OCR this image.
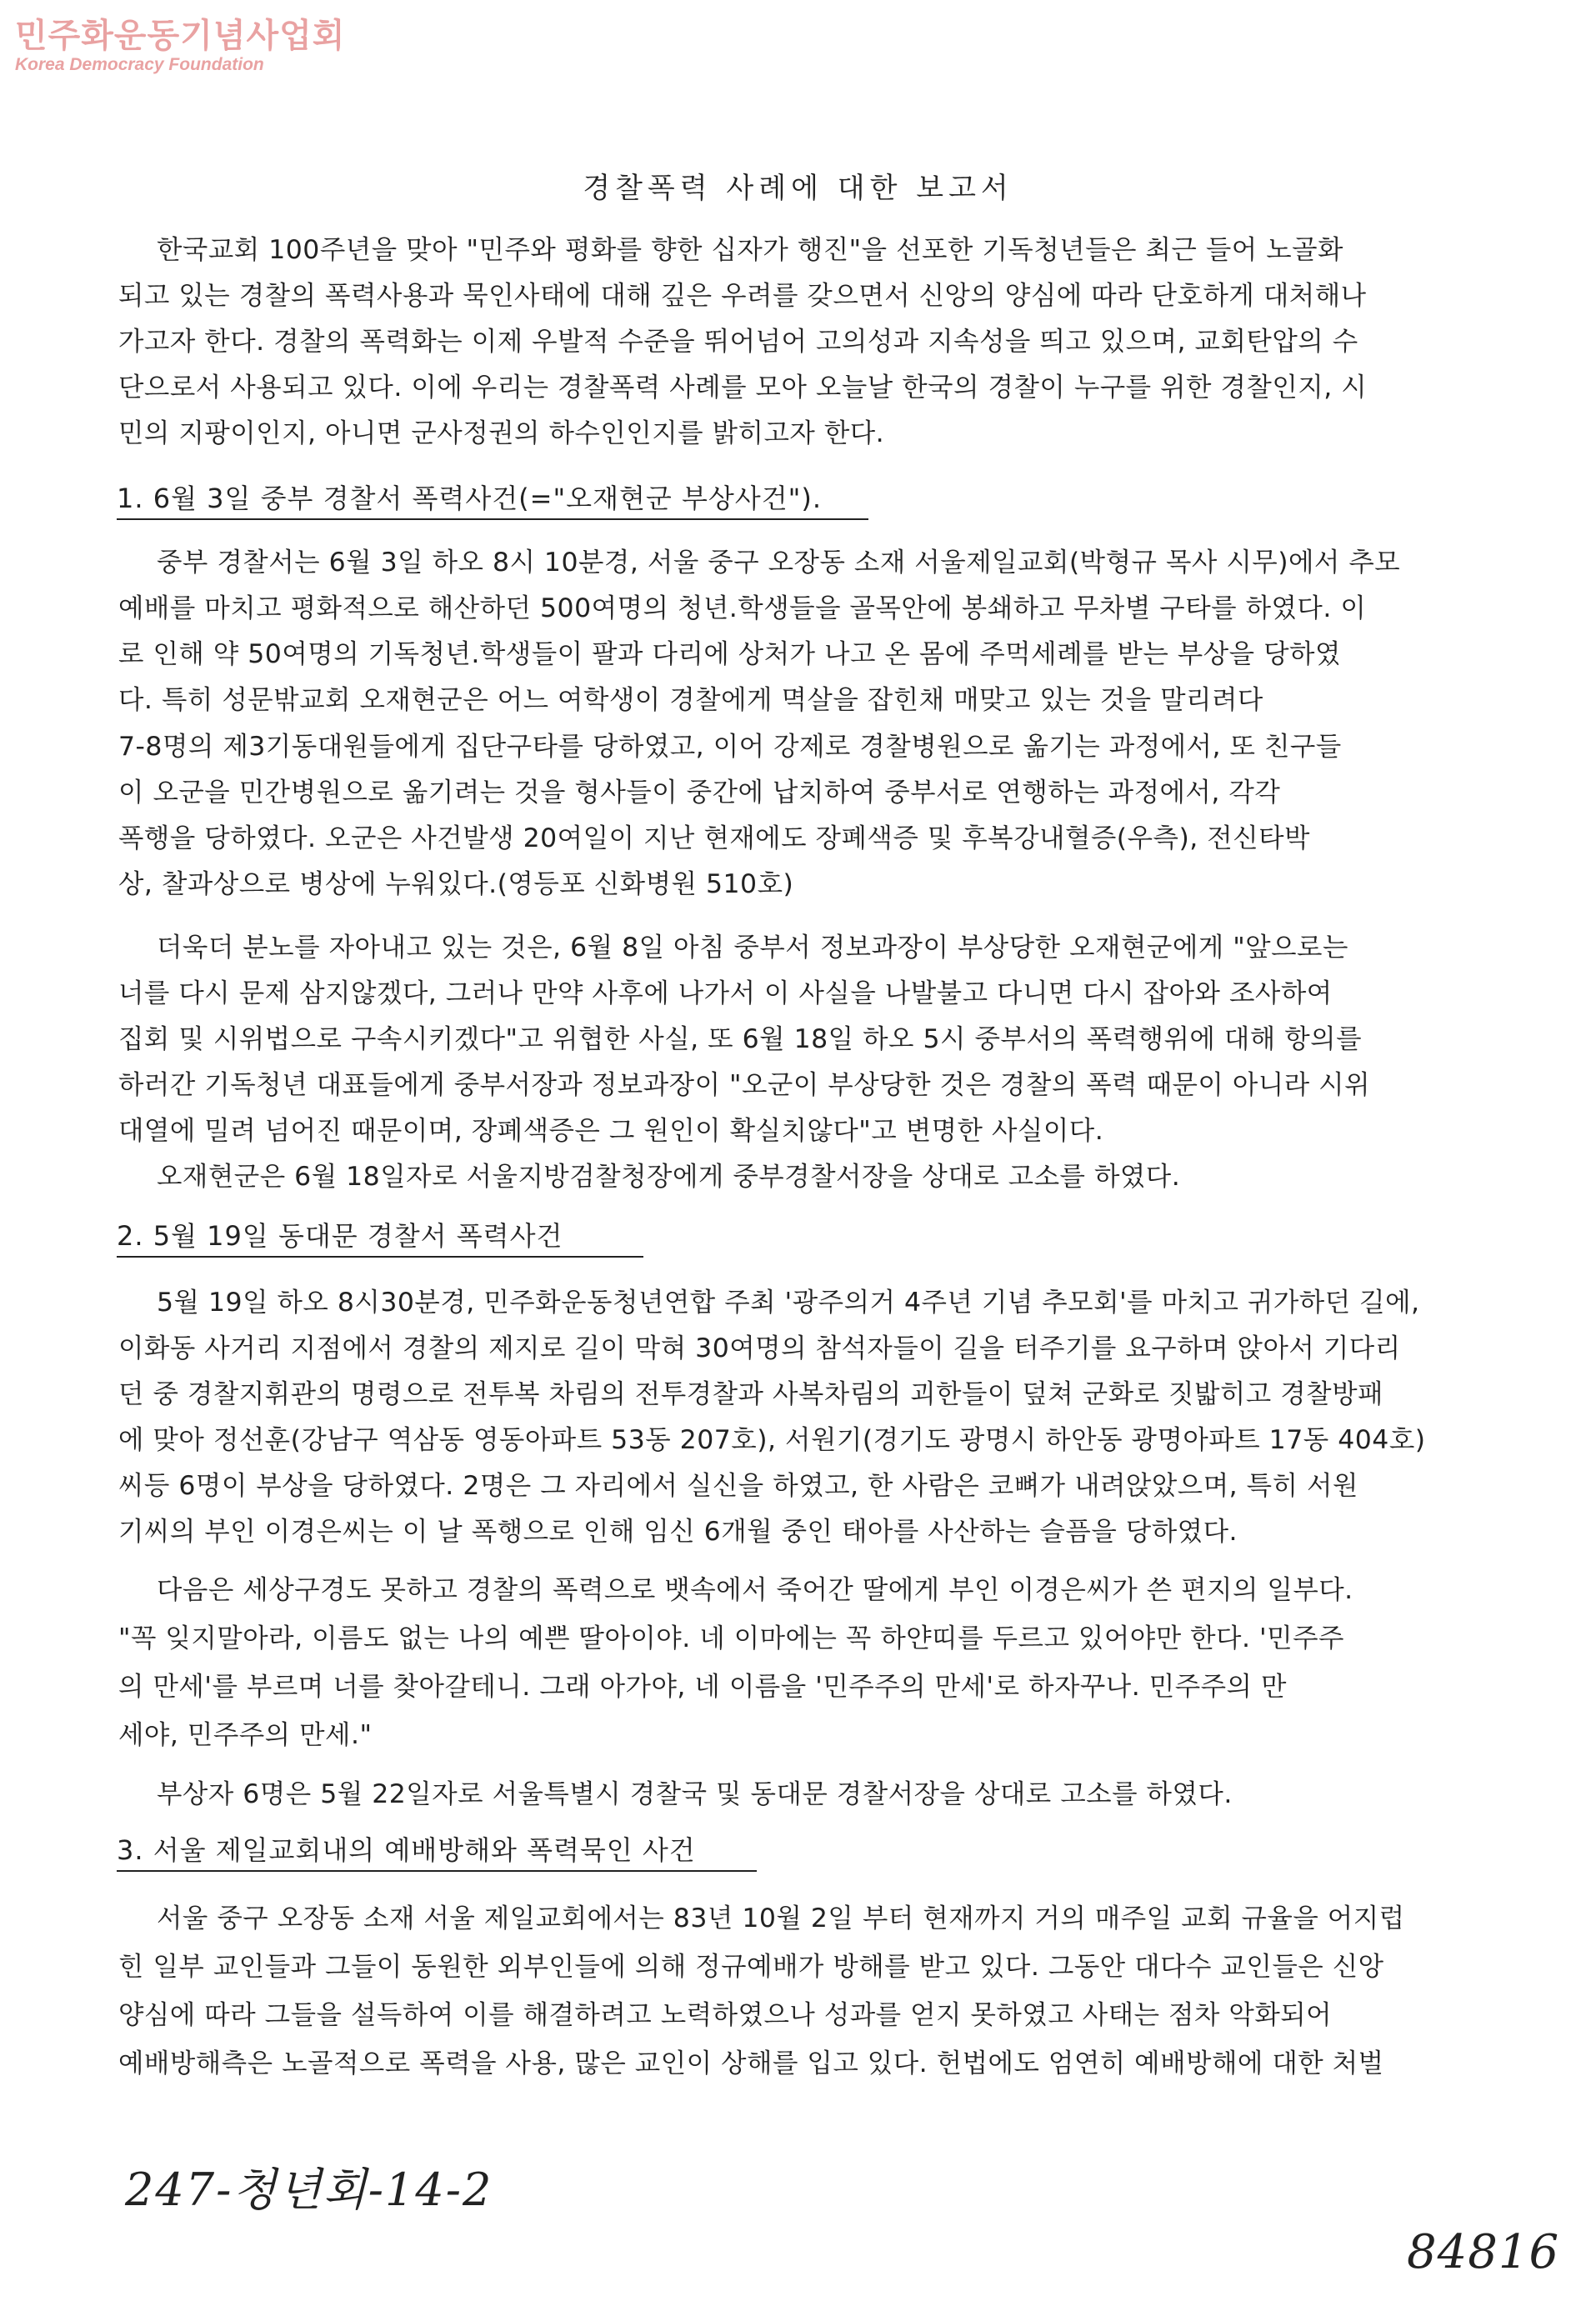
민주화운동기념사업회
Korea Democracy Foundation
경찰폭력 사례에 대한 보고서
한국교회 100주년을 맞아 "민주와 평화를 향한 십자가 행진"을 선포한 기독청년들은 최근 들어 노골화
되고 있는 경찰의 폭력사용과 묵인사태에 대해 깊은 우려를 갖으면서 신앙의 양심에 따라 단호하게 대처해나
가고자 한다. 경찰의 폭력화는 이제 우발적 수준을 뛰어넘어 고의성과 지속성을 띄고 있으며, 교회탄압의 수
단으로서 사용되고 있다. 이에 우리는 경찰폭력 사례를 모아 오늘날 한국의 경찰이 누구를 위한 경찰인지, 시
민의 지팡이인지, 아니면 군사정권의 하수인인지를 밝히고자 한다.
1. 6월 3일 중부 경찰서 폭력사건(="오재현군 부상사건").
중부 경찰서는 6월 3일 하오 8시 10분경, 서울 중구 오장동 소재 서울제일교회(박형규 목사 시무)에서 추모
예배를 마치고 평화적으로 해산하던 500여명의 청년.학생들을 골목안에 봉쇄하고 무차별 구타를 하였다. 이
로 인해 약 50여명의 기독청년.학생들이 팔과 다리에 상처가 나고 온 몸에 주먹세례를 받는 부상을 당하였
다. 특히 성문밖교회 오재현군은 어느 여학생이 경찰에게 멱살을 잡힌채 매맞고 있는 것을 말리려다
7-8명의 제3기동대원들에게 집단구타를 당하였고, 이어 강제로 경찰병원으로 옮기는 과정에서, 또 친구들
이 오군을 민간병원으로 옮기려는 것을 형사들이 중간에 납치하여 중부서로 연행하는 과정에서, 각각
폭행을 당하였다. 오군은 사건발생 20여일이 지난 현재에도 장폐색증 및 후복강내혈증(우측), 전신타박
상, 찰과상으로 병상에 누워있다.(영등포 신화병원 510호)
더욱더 분노를 자아내고 있는 것은, 6월 8일 아침 중부서 정보과장이 부상당한 오재현군에게 "앞으로는
너를 다시 문제 삼지않겠다, 그러나 만약 사후에 나가서 이 사실을 나발불고 다니면 다시 잡아와 조사하여
집회 및 시위법으로 구속시키겠다"고 위협한 사실, 또 6월 18일 하오 5시 중부서의 폭력행위에 대해 항의를
하러간 기독청년 대표들에게 중부서장과 정보과장이 "오군이 부상당한 것은 경찰의 폭력 때문이 아니라 시위
대열에 밀려 넘어진 때문이며, 장폐색증은 그 원인이 확실치않다"고 변명한 사실이다.
오재현군은 6월 18일자로 서울지방검찰청장에게 중부경찰서장을 상대로 고소를 하였다.
2. 5월 19일 동대문 경찰서 폭력사건
5월 19일 하오 8시30분경, 민주화운동청년연합 주최 '광주의거 4주년 기념 추모회'를 마치고 귀가하던 길에,
이화동 사거리 지점에서 경찰의 제지로 길이 막혀 30여명의 참석자들이 길을 터주기를 요구하며 앉아서 기다리
던 중 경찰지휘관의 명령으로 전투복 차림의 전투경찰과 사복차림의 괴한들이 덮쳐 군화로 짓밟히고 경찰방패
에 맞아 정선훈(강남구 역삼동 영동아파트 53동 207호), 서원기(경기도 광명시 하안동 광명아파트 17동 404호)
씨등 6명이 부상을 당하였다. 2명은 그 자리에서 실신을 하였고, 한 사람은 코뼈가 내려앉았으며, 특히 서원
기씨의 부인 이경은씨는 이 날 폭행으로 인해 임신 6개월 중인 태아를 사산하는 슬픔을 당하였다.
다음은 세상구경도 못하고 경찰의 폭력으로 뱃속에서 죽어간 딸에게 부인 이경은씨가 쓴 편지의 일부다.
"꼭 잊지말아라, 이름도 없는 나의 예쁜 딸아이야. 네 이마에는 꼭 하얀띠를 두르고 있어야만 한다. '민주주
의 만세'를 부르며 너를 찾아갈테니. 그래 아가야, 네 이름을 '민주주의 만세'로 하자꾸나. 민주주의 만
세야, 민주주의 만세."
부상자 6명은 5월 22일자로 서울특별시 경찰국 및 동대문 경찰서장을 상대로 고소를 하였다.
3. 서울 제일교회내의 예배방해와 폭력묵인 사건
서울 중구 오장동 소재 서울 제일교회에서는 83년 10월 2일 부터 현재까지 거의 매주일 교회 규율을 어지럽
힌 일부 교인들과 그들이 동원한 외부인들에 의해 정규예배가 방해를 받고 있다. 그동안 대다수 교인들은 신앙
양심에 따라 그들을 설득하여 이를 해결하려고 노력하였으나 성과를 얻지 못하였고 사태는 점차 악화되어
예배방해측은 노골적으로 폭력을 사용, 많은 교인이 상해를 입고 있다. 헌법에도 엄연히 예배방해에 대한 처벌
247-청년회-14-2
84816
